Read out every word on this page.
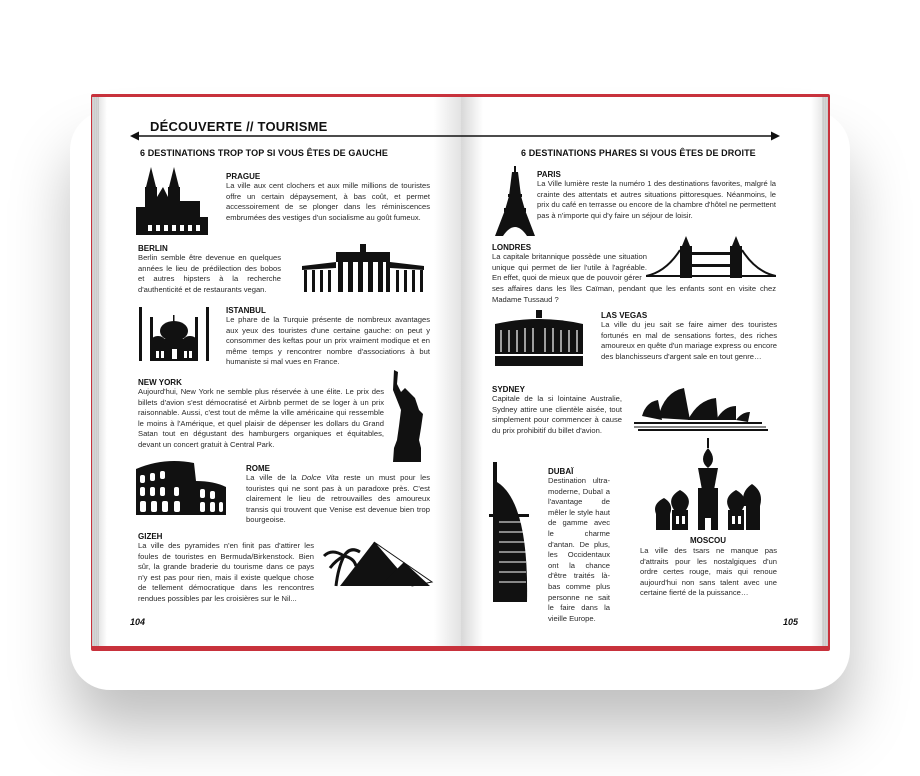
DÉCOUVERTE // TOURISME
6 DESTINATIONS TROP TOP SI VOUS ÊTES DE GAUCHE	6 DESTINATIONS PHARES SI VOUS ÊTES DE DROITE
PRAGUE
La ville aux cent clochers et aux mille millions de touristes offre un certain dépaysement, à bas coût, et permet accessoirement de se plonger dans les réminiscences embrumées des vestiges d'un socialisme au goût fumeux.
BERLIN
Berlin semble être devenue en quelques années le lieu de prédilection des bobos et autres hipsters à la recherche d'authenticité et de restaurants vegan.
ISTANBUL
Le phare de la Turquie présente de nombreux avantages aux yeux des touristes d'une certaine gauche: on peut y consommer des keftas pour un prix vraiment modique et en même temps y rencontrer nombre d'associations à but humaniste si mal vues en France.
NEW YORK
Aujourd'hui, New York ne semble plus réservée à une élite. Le prix des billets d'avion s'est démocratisé et Airbnb permet de se loger à un prix raisonnable. Aussi, c'est tout de même la ville américaine qui ressemble le moins à l'Amérique, et quel plaisir de dépenser les dollars du Grand Satan tout en dégustant des hamburgers organiques et équitables, devant un concert gratuit à Central Park.
ROME
La ville de la Dolce Vita reste un must pour les touristes qui ne sont pas à un paradoxe près. C'est clairement le lieu de retrouvailles des amoureux transis qui trouvent que Venise est devenue bien trop bourgeoise.
GIZEH
La ville des pyramides n'en finit pas d'attirer les foules de touristes en Bermuda/Birkenstock. Bien sûr, la grande braderie du tourisme dans ce pays n'y est pas pour rien, mais il existe quelque chose de tellement démocratique dans les rencontres rendues possibles par les croisières sur le Nil...
104
PARIS
La Ville lumière reste la numéro 1 des destinations favorites, malgré la crainte des attentats et autres situations pittoresques. Néanmoins, le prix du café en terrasse ou encore de la chambre d'hôtel ne permettent pas à n'importe qui d'y faire un séjour de loisir.
LONDRES
La capitale britannique possède une situation unique qui permet de lier l'utile à l'agréable. En effet, quoi de mieux que de pouvoir gérer
ses affaires dans les îles Caïman, pendant que les enfants sont en visite chez Madame Tussaud ?
LAS VEGAS
La ville du jeu sait se faire aimer des touristes fortunés en mal de sensations fortes, des riches amoureux en quête d'un mariage express ou encore des blanchisseurs d'argent sale en tout genre…
SYDNEY
Capitale de la si lointaine Australie, Sydney attire une clientèle aisée, tout simplement pour commencer à cause du prix prohibitif du billet d'avion.
DUBAÏ
Destination ultra-moderne, Dubaï a l'avantage de mêler le style haut de gamme avec le charme d'antan. De plus, les Occidentaux ont la chance d'être traités là-bas comme plus personne ne sait le faire dans la vieille Europe.
MOSCOU
La ville des tsars ne manque pas d'attraits pour les nostalgiques d'un ordre certes rouge, mais qui renoue aujourd'hui non sans talent avec une certaine fierté de la puissance…
105
